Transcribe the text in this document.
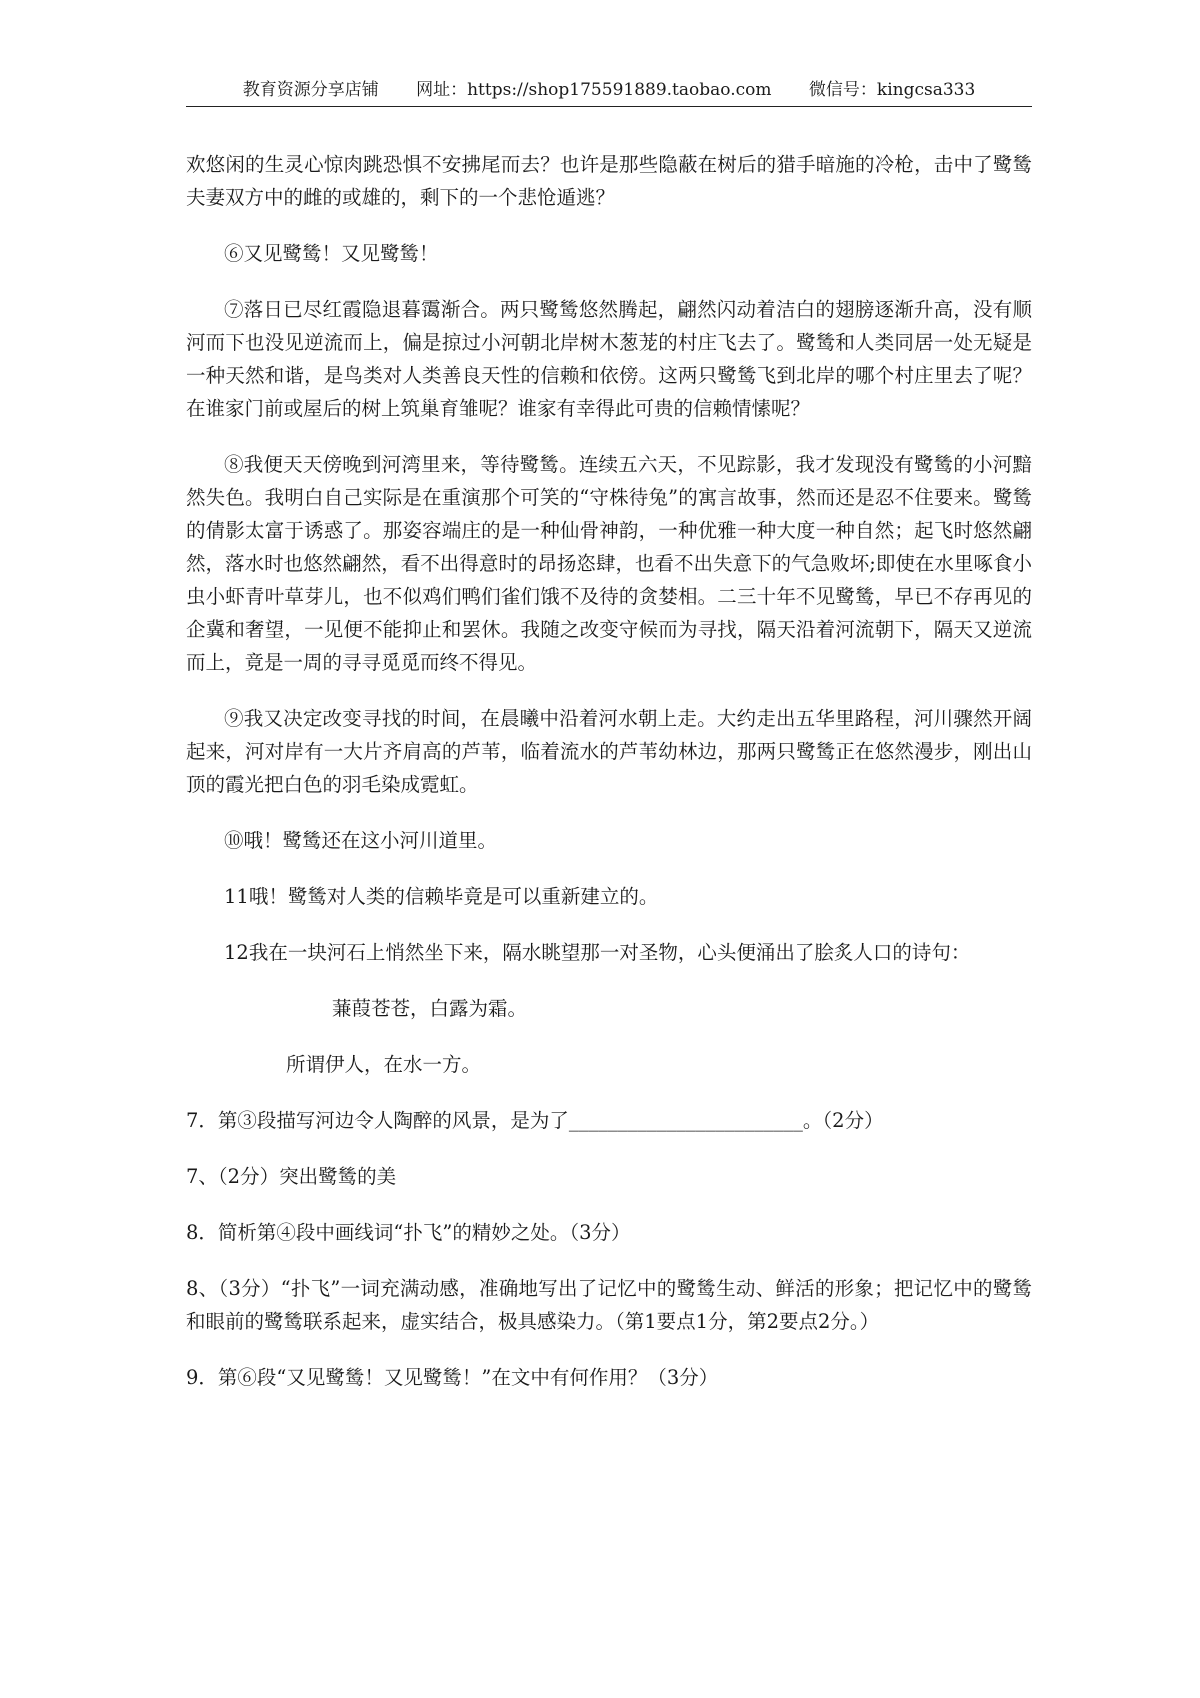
教育资源分享店铺 网址：https://shop175591889.taobao.com 微信号：kingcsa333

欢悠闲的生灵心惊肉跳恐惧不安拂尾而去？也许是那些隐蔽在树后的猎手暗施的冷枪，击中了鹭鸶夫妻双方中的雌的或雄的，剩下的一个悲怆遁逃？

⑥又见鹭鸶！又见鹭鸶！

⑦落日已尽红霞隐退暮霭渐合。两只鹭鸶悠然腾起，翩然闪动着洁白的翅膀逐渐升高，没有顺河而下也没见逆流而上，偏是掠过小河朝北岸树木葱茏的村庄飞去了。鹭鸶和人类同居一处无疑是一种天然和谐，是鸟类对人类善良天性的信赖和依傍。这两只鹭鸶飞到北岸的哪个村庄里去了呢？在谁家门前或屋后的树上筑巢育雏呢？谁家有幸得此可贵的信赖情愫呢？

⑧我便天天傍晚到河湾里来，等待鹭鸶。连续五六天，不见踪影，我才发现没有鹭鸶的小河黯然失色。我明白自己实际是在重演那个可笑的“守株待兔”的寓言故事，然而还是忍不住要来。鹭鸶的倩影太富于诱惑了。那姿容端庄的是一种仙骨神韵，一种优雅一种大度一种自然；起飞时悠然翩然，落水时也悠然翩然，看不出得意时的昂扬恣肆，也看不出失意下的气急败坏;即使在水里啄食小虫小虾青叶草芽儿，也不似鸡们鸭们雀们饿不及待的贪婪相。二三十年不见鹭鸶，早已不存再见的企冀和奢望，一见便不能抑止和罢休。我随之改变守候而为寻找，隔天沿着河流朝下，隔天又逆流而上，竟是一周的寻寻觅觅而终不得见。

⑨我又决定改变寻找的时间，在晨曦中沿着河水朝上走。大约走出五华里路程，河川骤然开阔起来，河对岸有一大片齐肩高的芦苇，临着流水的芦苇幼林边，那两只鹭鸶正在悠然漫步，刚出山顶的霞光把白色的羽毛染成霓虹。

⑩哦！鹭鸶还在这小河川道里。

11哦！鹭鸶对人类的信赖毕竟是可以重新建立的。

12我在一块河石上悄然坐下来，隔水眺望那一对圣物，心头便涌出了脍炙人口的诗句：

蒹葭苍苍，白露为霜。

所谓伊人，在水一方。

7．第③段描写河边令人陶醉的风景，是为了________________________。（2分）

7、（2分）突出鹭鸶的美

8．简析第④段中画线词“扑飞”的精妙之处。（3分）

8、（3分）“扑飞”一词充满动感，准确地写出了记忆中的鹭鸶生动、鲜活的形象；把记忆中的鹭鸶和眼前的鹭鸶联系起来，虚实结合，极具感染力。（第1要点1分，第2要点2分。）

9．第⑥段“又见鹭鸶！又见鹭鸶！”在文中有何作用？（3分）
